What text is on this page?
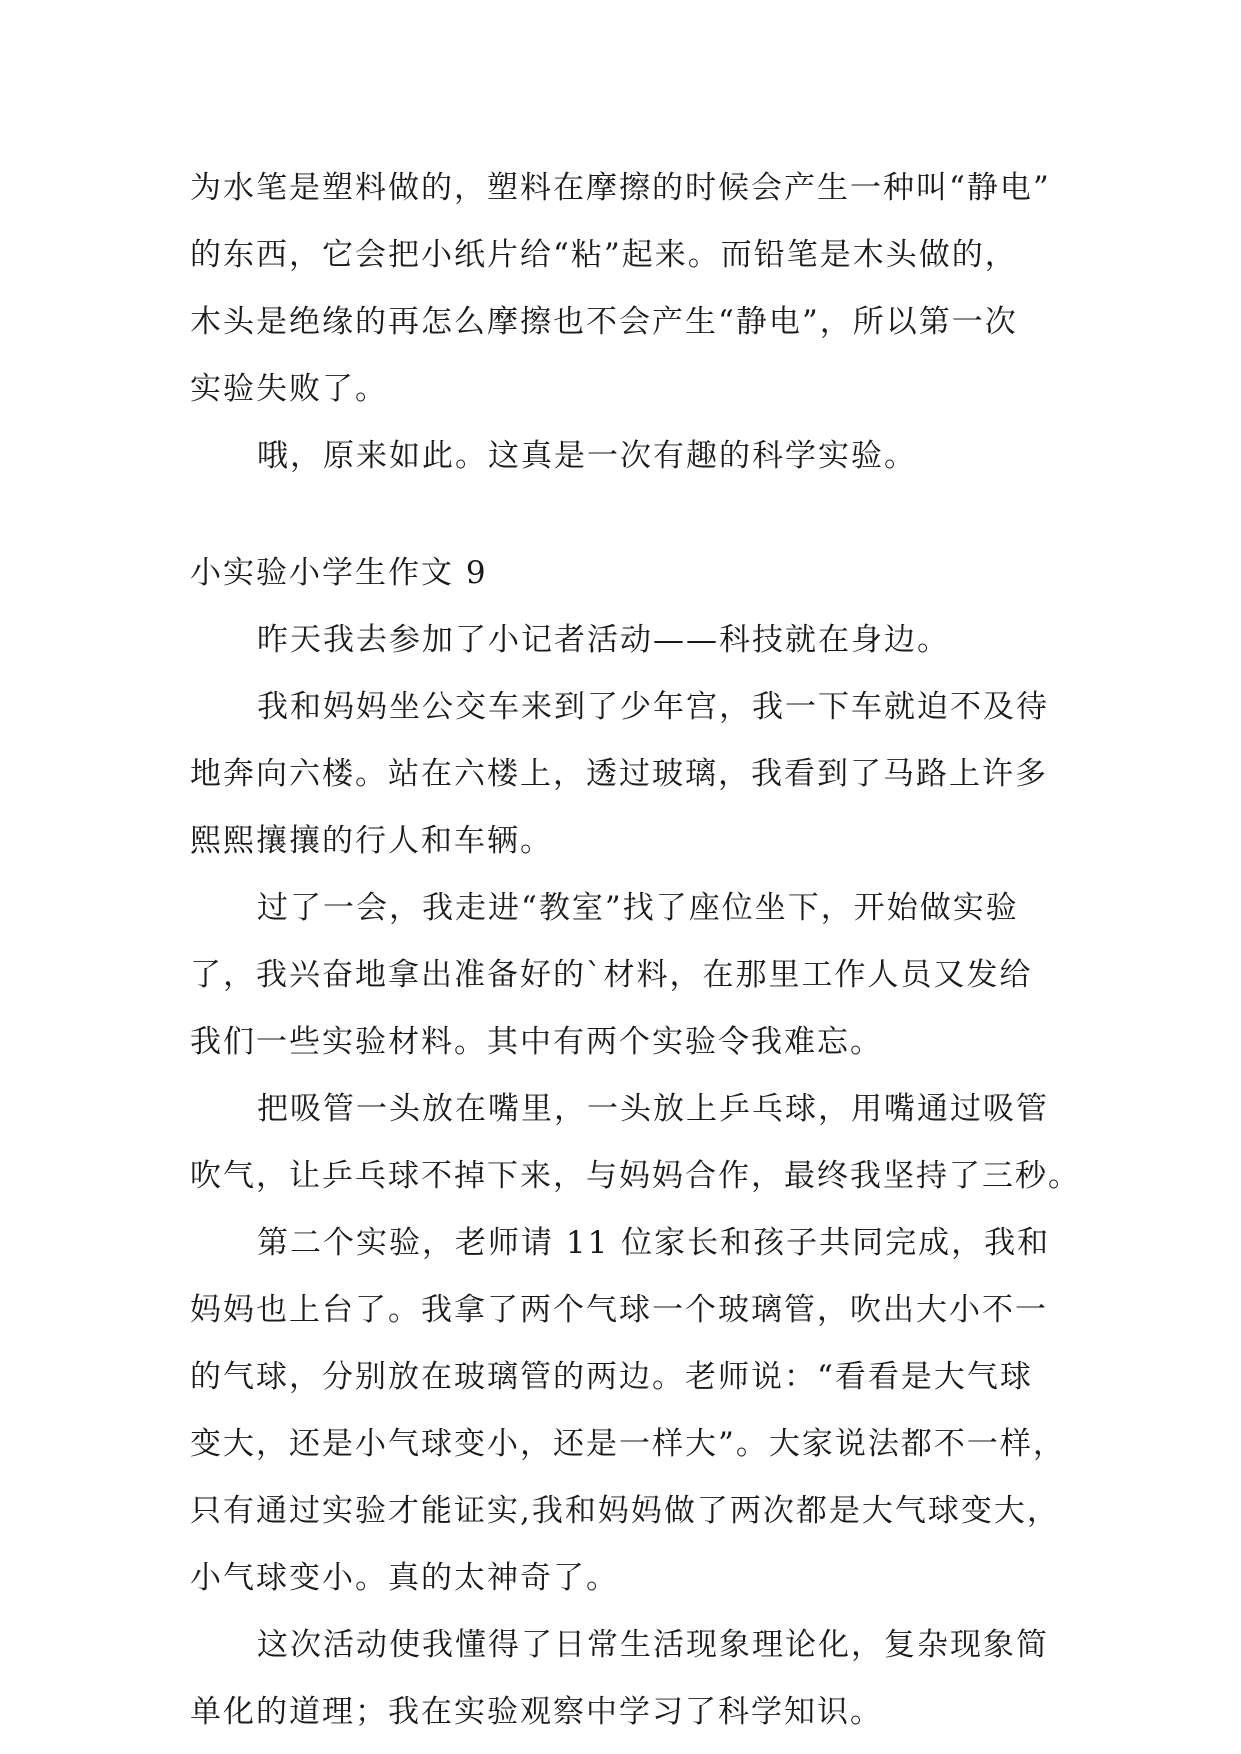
为水笔是塑料做的，塑料在摩擦的时候会产生一种叫“静电”
的东西，它会把小纸片给“粘”起来。而铅笔是木头做的，
木头是绝缘的再怎么摩擦也不会产生“静电”，所以第一次
实验失败了。
哦，原来如此。这真是一次有趣的科学实验。
小实验小学生作文 9
昨天我去参加了小记者活动——科技就在身边。
我和妈妈坐公交车来到了少年宫，我一下车就迫不及待
地奔向六楼。站在六楼上，透过玻璃，我看到了马路上许多
熙熙攘攘的行人和车辆。
过了一会，我走进“教室”找了座位坐下，开始做实验
了，我兴奋地拿出准备好的`材料，在那里工作人员又发给
我们一些实验材料。其中有两个实验令我难忘。
把吸管一头放在嘴里，一头放上乒乓球，用嘴通过吸管
吹气，让乒乓球不掉下来，与妈妈合作，最终我坚持了三秒。
第二个实验，老师请 11 位家长和孩子共同完成，我和
妈妈也上台了。我拿了两个气球一个玻璃管，吹出大小不一
的气球，分别放在玻璃管的两边。老师说：“看看是大气球
变大，还是小气球变小，还是一样大”。大家说法都不一样，
只有通过实验才能证实,我和妈妈做了两次都是大气球变大，
小气球变小。真的太神奇了。
这次活动使我懂得了日常生活现象理论化，复杂现象简
单化的道理；我在实验观察中学习了科学知识。
